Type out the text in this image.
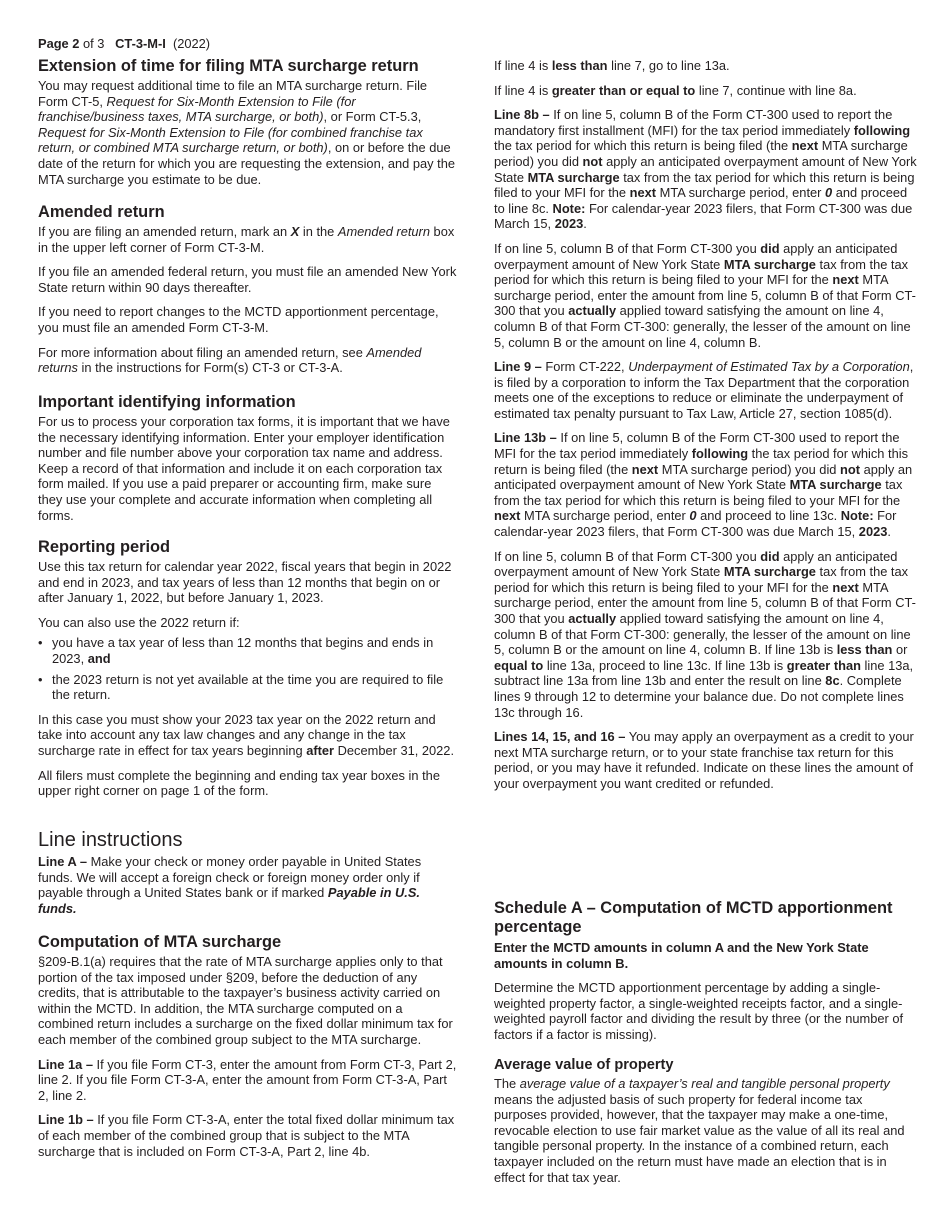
Page 2 of 3 CT-3-M-I (2022)
Extension of time for filing MTA surcharge return

You may request additional time to file an MTA surcharge return. File Form CT-5, Request for Six-Month Extension to File (for franchise/business taxes, MTA surcharge, or both), or Form CT-5.3, Request for Six-Month Extension to File (for combined franchise tax return, or combined MTA surcharge return, or both), on or before the due date of the return for which you are requesting the extension, and pay the MTA surcharge you estimate to be due.

Amended return

If you are filing an amended return, mark an X in the Amended return box in the upper left corner of Form CT-3-M.

If you file an amended federal return, you must file an amended New York State return within 90 days thereafter.

If you need to report changes to the MCTD apportionment percentage, you must file an amended Form CT-3-M.

For more information about filing an amended return, see Amended returns in the instructions for Form(s) CT-3 or CT-3-A.

Important identifying information

For us to process your corporation tax forms, it is important that we have the necessary identifying information. Enter your employer identification number and file number above your corporation tax name and address. Keep a record of that information and include it on each corporation tax form mailed. If you use a paid preparer or accounting firm, make sure they use your complete and accurate information when completing all forms.

Reporting period

Use this tax return for calendar year 2022, fiscal years that begin in 2022 and end in 2023, and tax years of less than 12 months that begin on or after January 1, 2022, but before January 1, 2023.

You can also use the 2022 return if:

• you have a tax year of less than 12 months that begins and ends in 2023, and

• the 2023 return is not yet available at the time you are required to file the return.

In this case you must show your 2023 tax year on the 2022 return and take into account any tax law changes and any change in the tax surcharge rate in effect for tax years beginning after December 31, 2022.

All filers must complete the beginning and ending tax year boxes in the upper right corner on page 1 of the form.

Line instructions

Line A – Make your check or money order payable in United States funds. We will accept a foreign check or foreign money order only if payable through a United States bank or if marked Payable in U.S. funds.

Computation of MTA surcharge

§209-B.1(a) requires that the rate of MTA surcharge applies only to that portion of the tax imposed under §209, before the deduction of any credits, that is attributable to the taxpayer’s business activity carried on within the MCTD. In addition, the MTA surcharge computed on a combined return includes a surcharge on the fixed dollar minimum tax for each member of the combined group subject to the MTA surcharge.

Line 1a – If you file Form CT-3, enter the amount from Form CT-3, Part 2, line 2. If you file Form CT-3-A, enter the amount from Form CT-3-A, Part 2, line 2.

Line 1b – If you file Form CT-3-A, enter the total fixed dollar minimum tax of each member of the combined group that is subject to the MTA surcharge that is included on Form CT-3-A, Part 2, line 4b.

If line 4 is less than line 7, go to line 13a.

If line 4 is greater than or equal to line 7, continue with line 8a.

Line 8b – If on line 5, column B of the Form CT-300 used to report the mandatory first installment (MFI) for the tax period immediately following the tax period for which this return is being filed (the next MTA surcharge period) you did not apply an anticipated overpayment amount of New York State MTA surcharge tax from the tax period for which this return is being filed to your MFI for the next MTA surcharge period, enter 0 and proceed to line 8c. Note: For calendar-year 2023 filers, that Form CT-300 was due March 15, 2023.

If on line 5, column B of that Form CT-300 you did apply an anticipated overpayment amount of New York State MTA surcharge tax from the tax period for which this return is being filed to your MFI for the next MTA surcharge period, enter the amount from line 5, column B of that Form CT-300 that you actually applied toward satisfying the amount on line 4, column B of that Form CT-300: generally, the lesser of the amount on line 5, column B or the amount on line 4, column B.

Line 9 – Form CT-222, Underpayment of Estimated Tax by a Corporation, is filed by a corporation to inform the Tax Department that the corporation meets one of the exceptions to reduce or eliminate the underpayment of estimated tax penalty pursuant to Tax Law, Article 27, section 1085(d).

Line 13b – If on line 5, column B of the Form CT-300 used to report the MFI for the tax period immediately following the tax period for which this return is being filed (the next MTA surcharge period) you did not apply an anticipated overpayment amount of New York State MTA surcharge tax from the tax period for which this return is being filed to your MFI for the next MTA surcharge period, enter 0 and proceed to line 13c. Note: For calendar-year 2023 filers, that Form CT-300 was due March 15, 2023.

If on line 5, column B of that Form CT-300 you did apply an anticipated overpayment amount of New York State MTA surcharge tax from the tax period for which this return is being filed to your MFI for the next MTA surcharge period, enter the amount from line 5, column B of that Form CT-300 that you actually applied toward satisfying the amount on line 4, column B of that Form CT-300: generally, the lesser of the amount on line 5, column B or the amount on line 4, column B. If line 13b is less than or equal to line 13a, proceed to line 13c. If line 13b is greater than line 13a, subtract line 13a from line 13b and enter the result on line 8c. Complete lines 9 through 12 to determine your balance due. Do not complete lines 13c through 16.

Lines 14, 15, and 16 – You may apply an overpayment as a credit to your next MTA surcharge return, or to your state franchise tax return for this period, or you may have it refunded. Indicate on these lines the amount of your overpayment you want credited or refunded.

Schedule A – Computation of MCTD apportionment percentage

Enter the MCTD amounts in column A and the New York State amounts in column B.

Determine the MCTD apportionment percentage by adding a single-weighted property factor, a single-weighted receipts factor, and a single-weighted payroll factor and dividing the result by three (or the number of factors if a factor is missing).

Average value of property

The average value of a taxpayer’s real and tangible personal property means the adjusted basis of such property for federal income tax purposes provided, however, that the taxpayer may make a one-time, revocable election to use fair market value as the value of all its real and tangible personal property. In the instance of a combined return, each taxpayer included on the return must have made an election that is in effect for that tax year.
